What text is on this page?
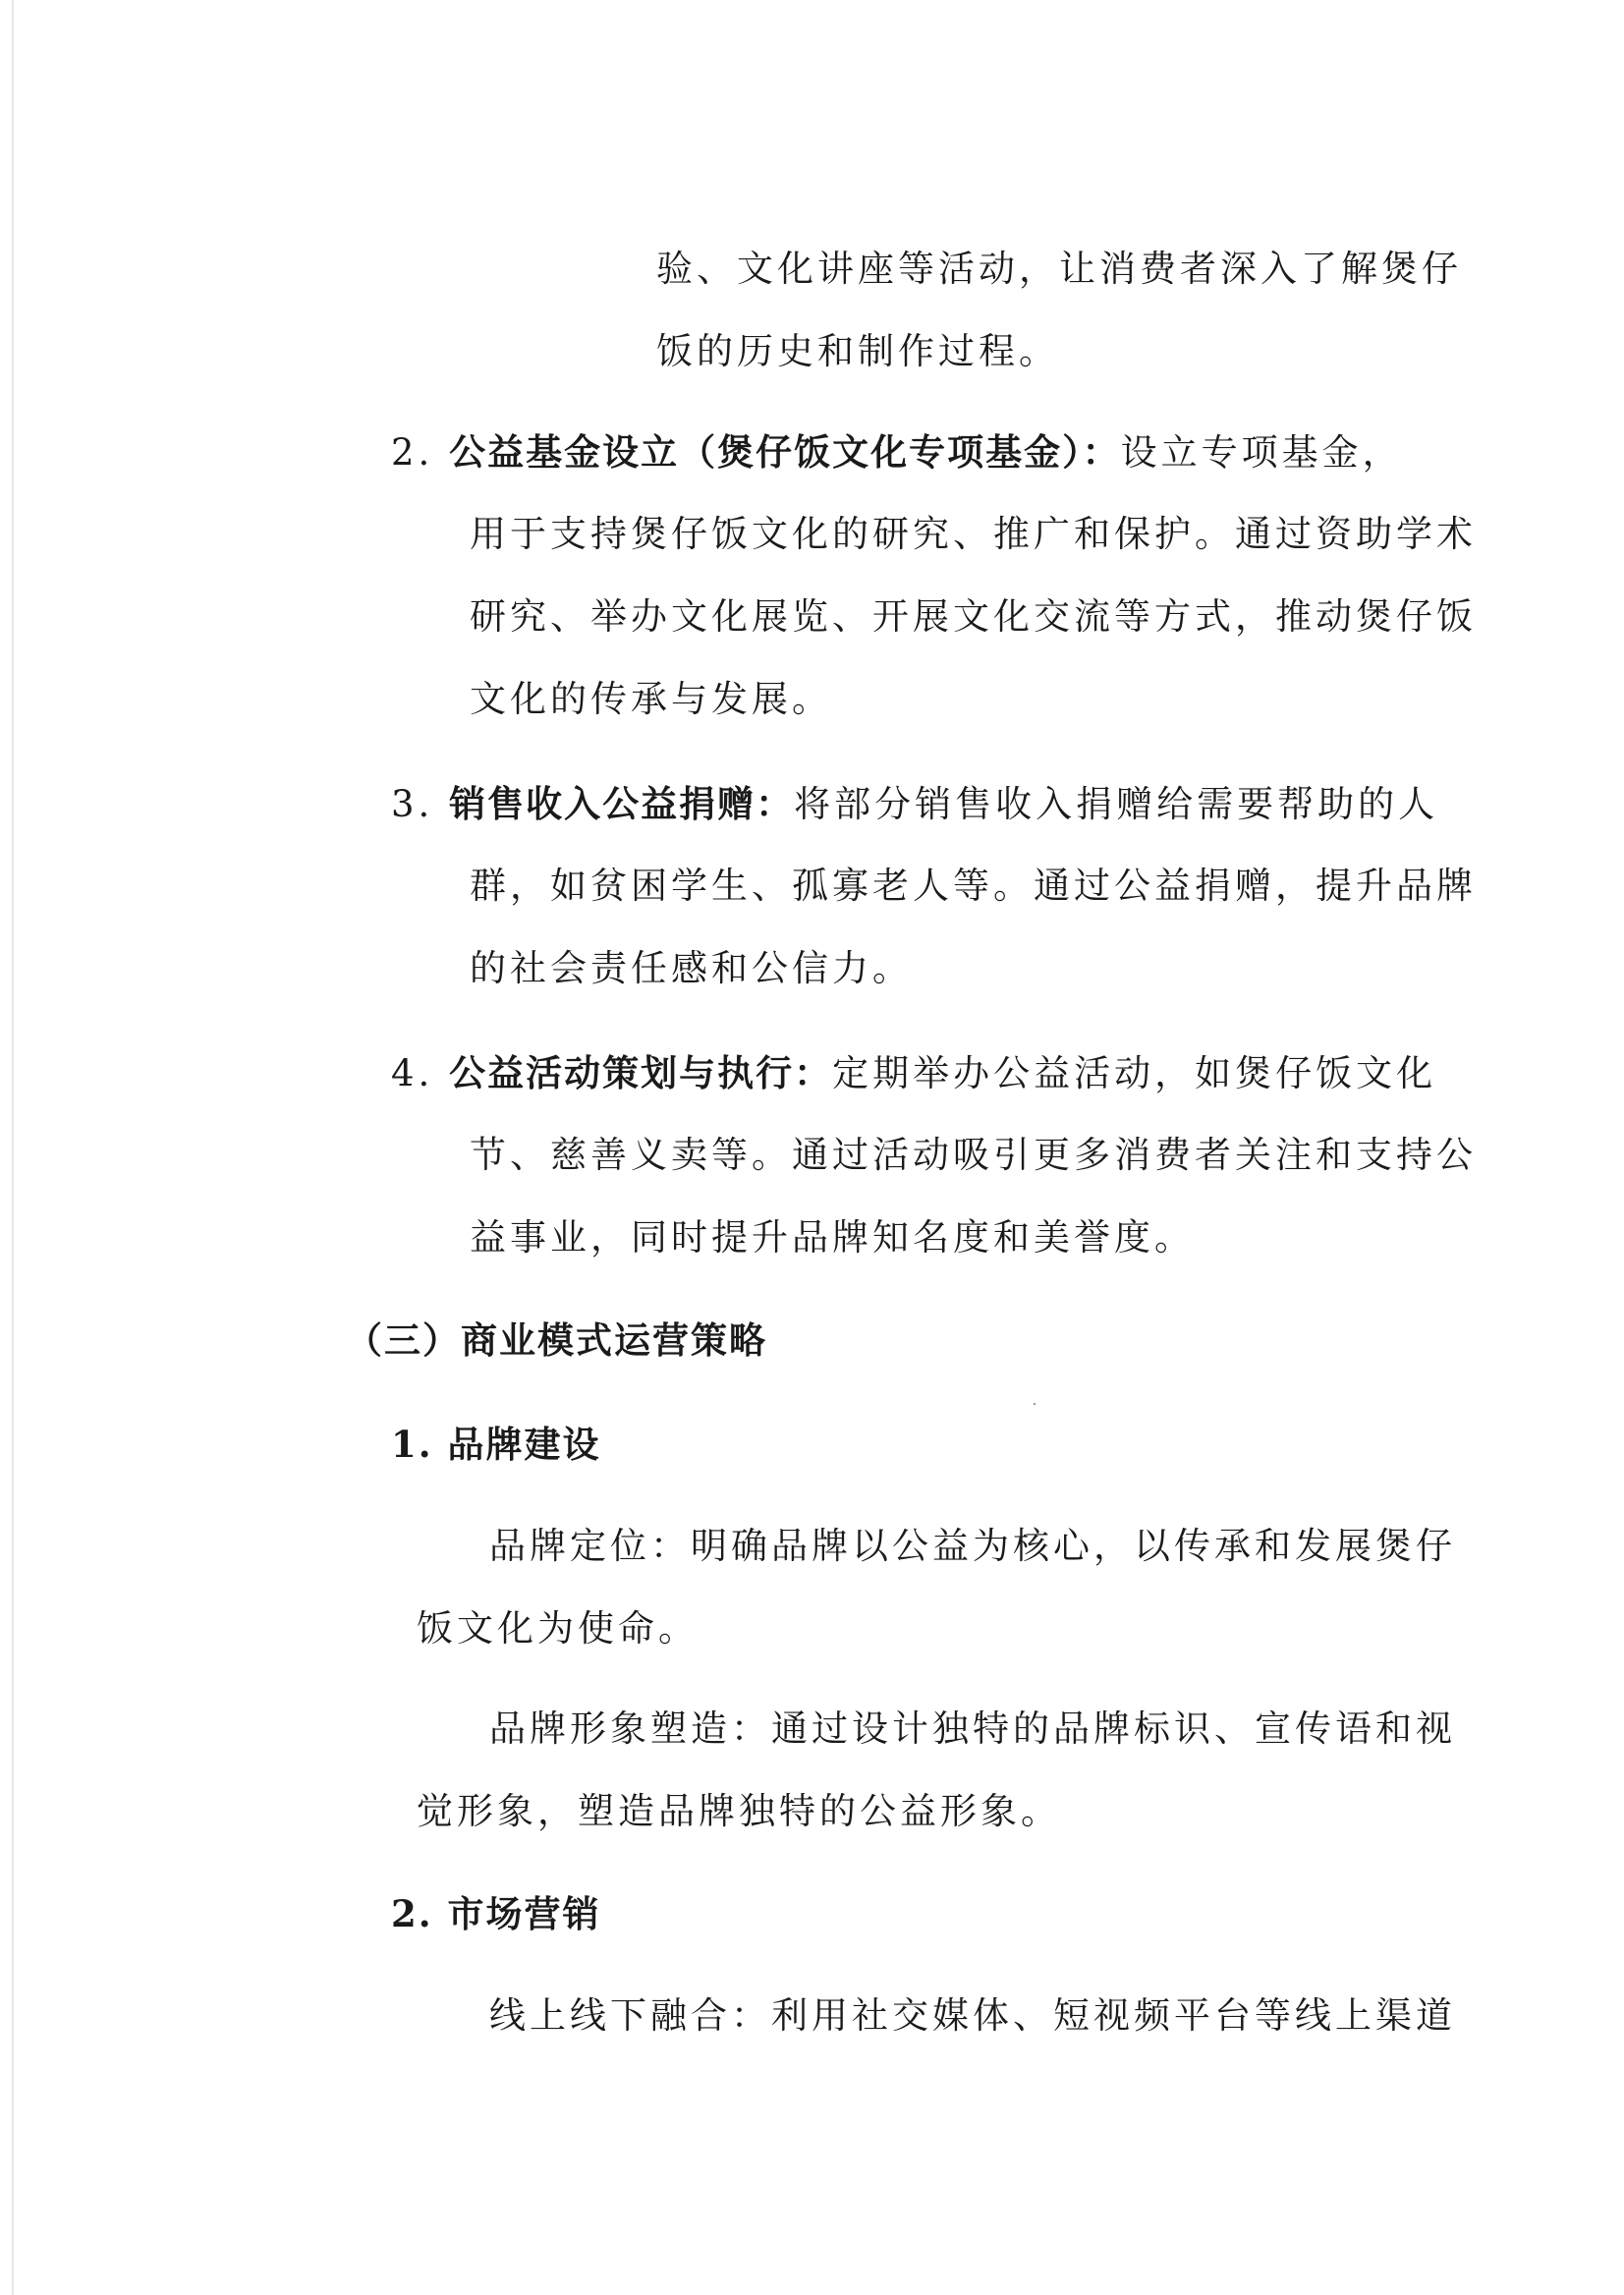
验、文化讲座等活动，让消费者深入了解煲仔
饭的历史和制作过程。
2. 公益基金设立（煲仔饭文化专项基金）：设立专项基金，
用于支持煲仔饭文化的研究、推广和保护。通过资助学术
研究、举办文化展览、开展文化交流等方式，推动煲仔饭
文化的传承与发展。
3. 销售收入公益捐赠：将部分销售收入捐赠给需要帮助的人
群，如贫困学生、孤寡老人等。通过公益捐赠，提升品牌
的社会责任感和公信力。
4. 公益活动策划与执行：定期举办公益活动，如煲仔饭文化
节、慈善义卖等。通过活动吸引更多消费者关注和支持公
益事业，同时提升品牌知名度和美誉度。
（三）商业模式运营策略
1. 品牌建设
品牌定位：明确品牌以公益为核心，以传承和发展煲仔
饭文化为使命。
品牌形象塑造：通过设计独特的品牌标识、宣传语和视
觉形象，塑造品牌独特的公益形象。
2. 市场营销
线上线下融合：利用社交媒体、短视频平台等线上渠道
